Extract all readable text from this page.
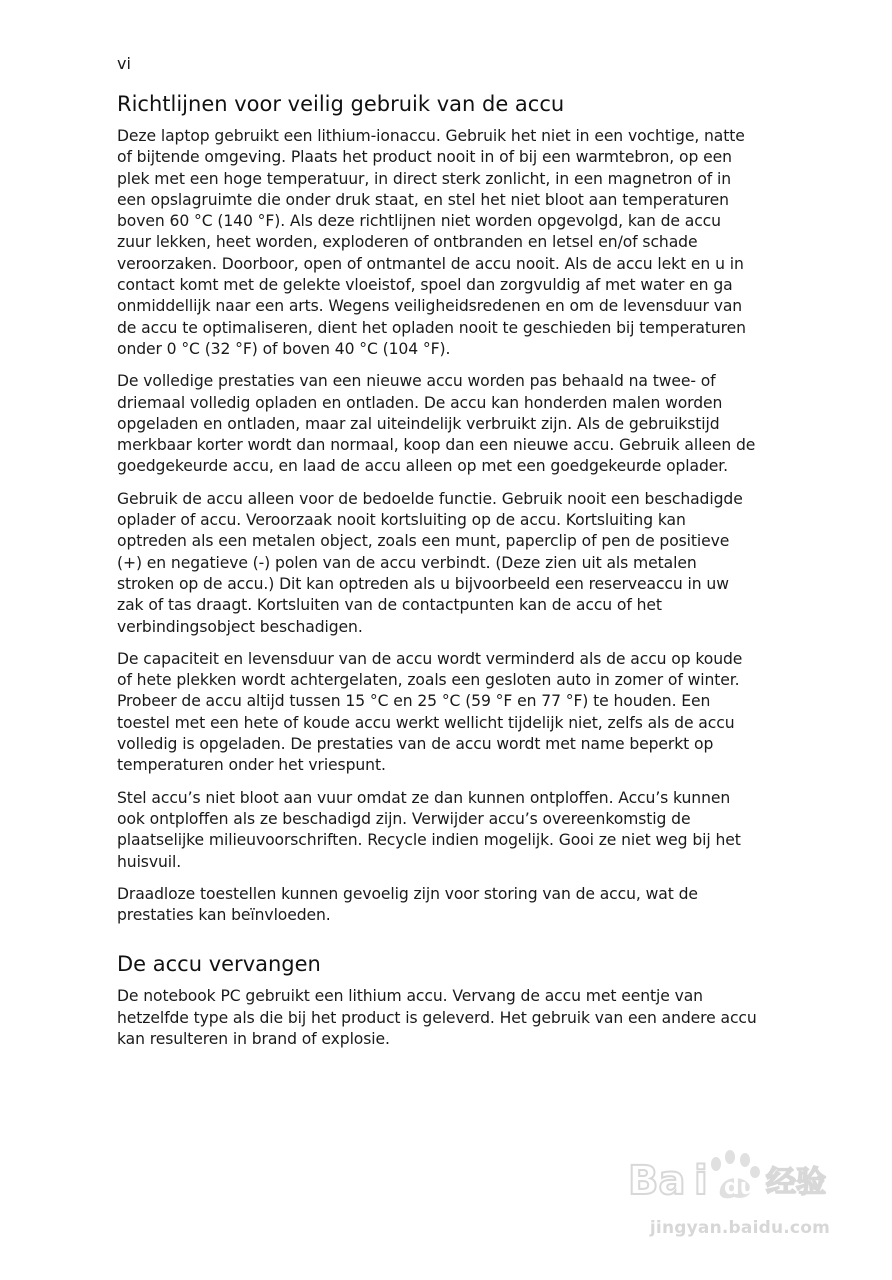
vi
Richtlijnen voor veilig gebruik van de accu

Deze laptop gebruikt een lithium-ionaccu. Gebruik het niet in een vochtige, natte of bijtende omgeving. Plaats het product nooit in of bij een warmtebron, op een plek met een hoge temperatuur, in direct sterk zonlicht, in een magnetron of in een opslagruimte die onder druk staat, en stel het niet bloot aan temperaturen boven 60 °C (140 °F). Als deze richtlijnen niet worden opgevolgd, kan de accu zuur lekken, heet worden, exploderen of ontbranden en letsel en/of schade veroorzaken. Doorboor, open of ontmantel de accu nooit. Als de accu lekt en u in contact komt met de gelekte vloeistof, spoel dan zorgvuldig af met water en ga onmiddellijk naar een arts. Wegens veiligheidsredenen en om de levensduur van de accu te optimaliseren, dient het opladen nooit te geschieden bij temperaturen onder 0 °C (32 °F) of boven 40 °C (104 °F).

De volledige prestaties van een nieuwe accu worden pas behaald na twee- of driemaal volledig opladen en ontladen. De accu kan honderden malen worden opgeladen en ontladen, maar zal uiteindelijk verbruikt zijn. Als de gebruikstijd merkbaar korter wordt dan normaal, koop dan een nieuwe accu. Gebruik alleen de goedgekeurde accu, en laad de accu alleen op met een goedgekeurde oplader.

Gebruik de accu alleen voor de bedoelde functie. Gebruik nooit een beschadigde oplader of accu. Veroorzaak nooit kortsluiting op de accu. Kortsluiting kan optreden als een metalen object, zoals een munt, paperclip of pen de positieve (+) en negatieve (-) polen van de accu verbindt. (Deze zien uit als metalen stroken op de accu.) Dit kan optreden als u bijvoorbeeld een reserveaccu in uw zak of tas draagt. Kortsluiten van de contactpunten kan de accu of het verbindingsobject beschadigen.

De capaciteit en levensduur van de accu wordt verminderd als de accu op koude of hete plekken wordt achtergelaten, zoals een gesloten auto in zomer of winter. Probeer de accu altijd tussen 15 °C en 25 °C (59 °F en 77 °F) te houden. Een toestel met een hete of koude accu werkt wellicht tijdelijk niet, zelfs als de accu volledig is opgeladen. De prestaties van de accu wordt met name beperkt op temperaturen onder het vriespunt.

Stel accu’s niet bloot aan vuur omdat ze dan kunnen ontploffen. Accu’s kunnen ook ontploffen als ze beschadigd zijn. Verwijder accu’s overeenkomstig de plaatselijke milieuvoorschriften. Recycle indien mogelijk. Gooi ze niet weg bij het huisvuil.

Draadloze toestellen kunnen gevoelig zijn voor storing van de accu, wat de prestaties kan beïnvloeden.

De accu vervangen

De notebook PC gebruikt een lithium accu. Vervang de accu met eentje van hetzelfde type als die bij het product is geleverd. Het gebruik van een andere accu kan resulteren in brand of explosie.

Ba i du 经验
jingyan.baidu.com
